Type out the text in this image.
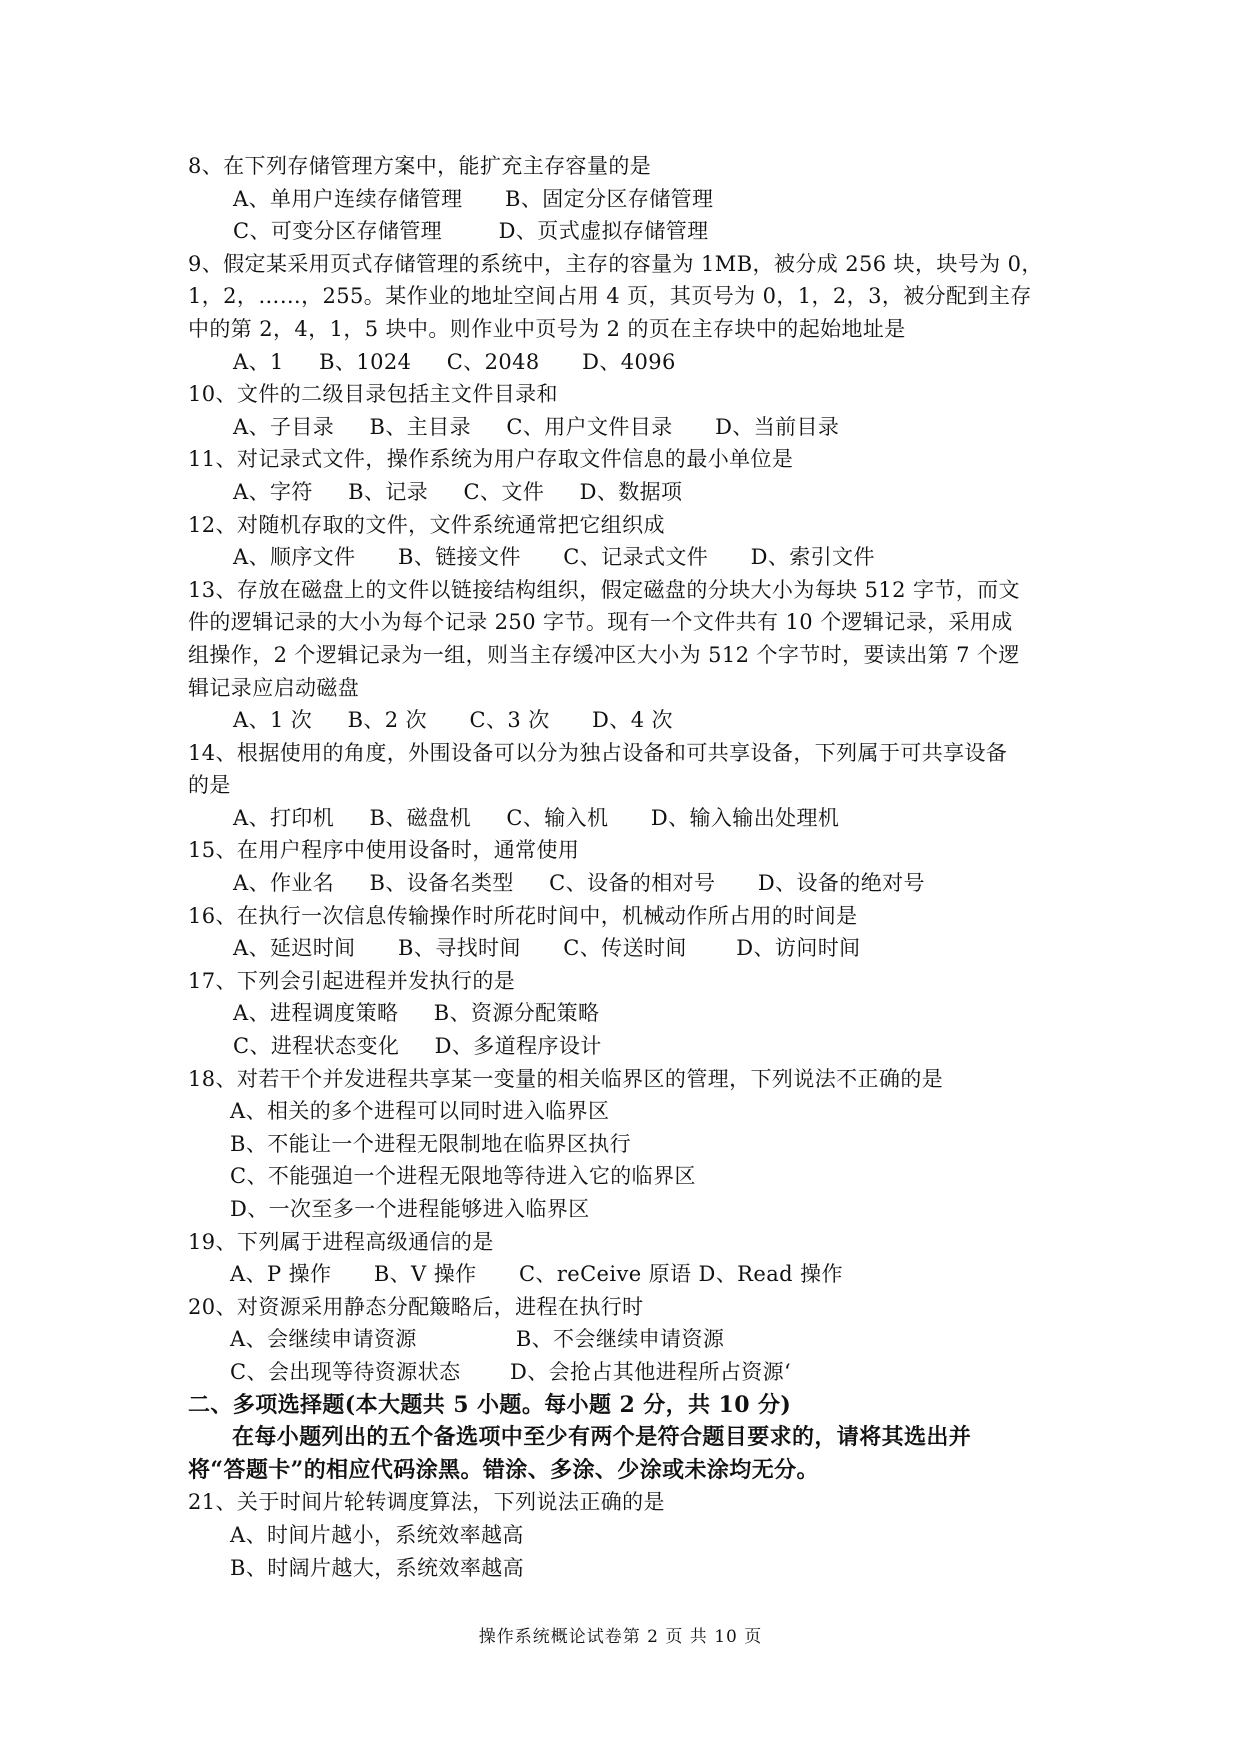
8、在下列存储管理方案中，能扩充主存容量的是
A、单用户连续存储管理      B、固定分区存储管理
C、可变分区存储管理        D、页式虚拟存储管理
9、假定某采用页式存储管理的系统中，主存的容量为 1MB，被分成 256 块，块号为 0，
1，2，……，255。某作业的地址空间占用 4 页，其页号为 0，1，2，3，被分配到主存
中的第 2，4，1，5 块中。则作业中页号为 2 的页在主存块中的起始地址是
A、1     B、1024     C、2048      D、4096
10、文件的二级目录包括主文件目录和
A、子目录     B、主目录     C、用户文件目录      D、当前目录
11、对记录式文件，操作系统为用户存取文件信息的最小单位是
A、字符     B、记录     C、文件     D、数据项
12、对随机存取的文件，文件系统通常把它组织成
A、顺序文件      B、链接文件      C、记录式文件      D、索引文件
13、存放在磁盘上的文件以链接结构组织，假定磁盘的分块大小为每块 512 字节，而文
件的逻辑记录的大小为每个记录 250 字节。现有一个文件共有 10 个逻辑记录，采用成
组操作，2 个逻辑记录为一组，则当主存缓冲区大小为 512 个字节时，要读出第 7 个逻
辑记录应启动磁盘
A、1 次     B、2 次      C、3 次      D、4 次
14、根据使用的角度，外围设备可以分为独占设备和可共享设备，下列属于可共享设备
的是
A、打印机     B、磁盘机     C、输入机      D、输入输出处理机
15、在用户程序中使用设备时，通常使用
A、作业名     B、设备名类型     C、设备的相对号      D、设备的绝对号
16、在执行一次信息传输操作时所花时间中，机械动作所占用的时间是
A、延迟时间      B、寻找时间      C、传送时间       D、访问时间
17、下列会引起进程并发执行的是
A、进程调度策略     B、资源分配策略
C、进程状态变化     D、多道程序设计
18、对若干个并发进程共享某一变量的相关临界区的管理，下列说法不正确的是
A、相关的多个进程可以同时进入临界区
B、不能让一个进程无限制地在临界区执行
C、不能强迫一个进程无限地等待进入它的临界区
D、一次至多一个进程能够进入临界区
19、下列属于进程高级通信的是
A、P 操作      B、V 操作      C、reCeive 原语 D、Read 操作
20、对资源采用静态分配簸略后，进程在执行时
A、会继续申请资源              B、不会继续申请资源
C、会出现等待资源状态       D、会抢占其他进程所占资源‘
二、多项选择题(本大题共 5 小题。每小题 2 分，共 10 分)
在每小题列出的五个备选项中至少有两个是符合题目要求的，请将其选出并
将“答题卡”的相应代码涂黑。错涂、多涂、少涂或未涂均无分。
21、关于时间片轮转调度算法，下列说法正确的是
A、时间片越小，系统效率越高
B、时阔片越大，系统效率越高
操作系统概论试卷第 2 页 共 10 页
